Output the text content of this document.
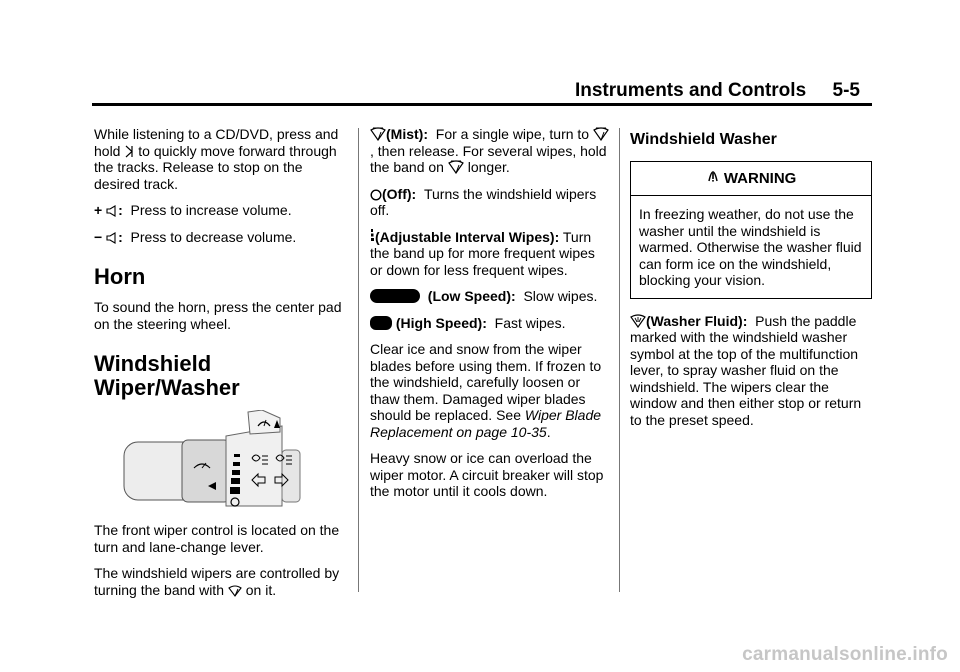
Instruments and Controls     5-5

While listening to a CD/DVD, press and hold to quickly move forward through the tracks. Release to stop on the desired track.

+ : Press to increase volume.

− : Press to decrease volume.

Horn

To sound the horn, press the center pad on the steering wheel.

Windshield Wiper/Washer

The front wiper control is located on the turn and lane-change lever.

The windshield wipers are controlled by turning the band with on it.

(Mist): For a single wipe, turn to , then release. For several wipes, hold the band on longer.

(Off): Turns the windshield wipers off.

(Adjustable Interval Wipes): Turn the band up for more frequent wipes or down for less frequent wipes.

(Low Speed): Slow wipes.

(High Speed): Fast wipes.

Clear ice and snow from the wiper blades before using them. If frozen to the windshield, carefully loosen or thaw them. Damaged wiper blades should be replaced. See Wiper Blade Replacement on page 10-35.

Heavy snow or ice can overload the wiper motor. A circuit breaker will stop the motor until it cools down.

Windshield Washer
WARNING
In freezing weather, do not use the washer until the windshield is warmed. Otherwise the washer fluid can form ice on the windshield, blocking your vision.

(Washer Fluid): Push the paddle marked with the windshield washer symbol at the top of the multifunction lever, to spray washer fluid on the windshield. The wipers clear the window and then either stop or return to the preset speed.

carmanualsonline.info
